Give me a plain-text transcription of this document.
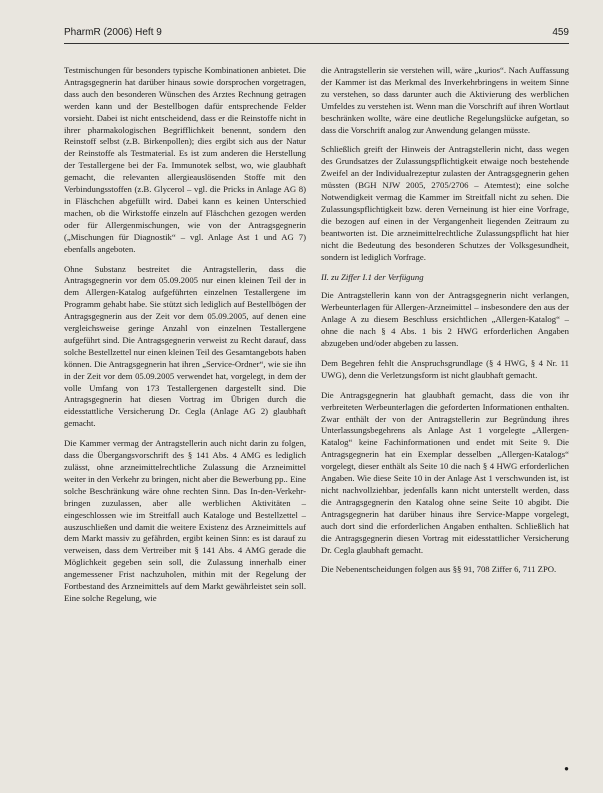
PharmR (2006) Heft 9	459

Testmischungen für besonders typische Kombinationen anbietet. Die Antragsgegnerin hat darüber hinaus sowie dorsprochen vorgetragen, dass auch den besonderen Wünschen des Arztes Rechnung getragen werden kann und der Bestellbogen dafür entsprechende Felder vorsieht. Dabei ist nicht entscheidend, dass er die Reinstoffe nicht in ihrer pharmakologischen Begrifflichkeit benennt, sondern den Reinstoff selbst (z.B. Birkenpollen); dies ergibt sich aus der Natur der Reinstoffe als Testmaterial. Es ist zum anderen die Herstellung der Testallergene bei der Fa. Immunotek selbst, wo, wie glaubhaft gemacht, die relevanten allergieauslösenden Stoffe mit den Verbindungsstoffen (z.B. Glycerol – vgl. die Pricks in Anlage AG 8) in Fläschchen abgefüllt wird. Dabei kann es keinen Unterschied machen, ob die Wirkstoffe einzeln auf Fläschchen gezogen werden oder für Allergenmischungen, wie von der Antragsgegnerin („Mischungen für Diagnostik“ – vgl. Anlage Ast 1 und AG 7) ebenfalls angeboten.

Ohne Substanz bestreitet die Antragstellerin, dass die Antragsgegnerin vor dem 05.09.2005 nur einen kleinen Teil der in dem Allergen-Katalog aufgeführten einzelnen Testallergene im Programm gehabt habe. Sie stützt sich lediglich auf Bestellbögen der Antragsgegnerin aus der Zeit vor dem 05.09.2005, auf denen eine vergleichsweise geringe Anzahl von einzelnen Testallergene aufgeführt sind. Die Antragsgegnerin verweist zu Recht darauf, dass solche Bestellzettel nur einen kleinen Teil des Gesamtangebots haben können. Die Antragsgegnerin hat ihren „Service-Ordner“, wie sie ihn in der Zeit vor dem 05.09.2005 verwendet hat, vorgelegt, in dem der volle Umfang von 173 Testallergenen dargestellt sind. Die Antragsgegnerin hat diesen Vortrag im Übrigen durch die eidesstattliche Versicherung Dr. Cegla (Anlage AG 2) glaubhaft gemacht.

Die Kammer vermag der Antragstellerin auch nicht darin zu folgen, dass die Übergangsvorschrift des § 141 Abs. 4 AMG es lediglich zulässt, ohne arzneimittelrechtliche Zulassung die Arzneimittel weiter in den Verkehr zu bringen, nicht aber die Bewerbung pp.. Eine solche Beschränkung wäre ohne rechten Sinn. Das In-den-Verkehr-bringen zuzulassen, aber alle werblichen Aktivitäten – eingeschlossen wie im Streitfall auch Kataloge und Bestellzettel – auszuschließen und damit die weitere Existenz des Arzneimittels auf dem Markt massiv zu gefährden, ergibt keinen Sinn: es ist darauf zu verweisen, dass dem Vertreiber mit § 141 Abs. 4 AMG gerade die Möglichkeit gegeben sein soll, die Zulassung innerhalb einer angemessener Frist nachzuholen, mithin mit der Regelung der Fortbestand des Arzneimittels auf dem Markt gewährleistet sein soll. Eine solche Regelung, wie

die Antragstellerin sie verstehen will, wäre „kurios“. Nach Auffassung der Kammer ist das Merkmal des Inverkehrbringens in weitem Sinne zu verstehen, so dass darunter auch die Aktivierung des werblichen Umfeldes zu verstehen ist. Wenn man die Vorschrift auf ihren Wortlaut beschränken wollte, wäre eine deutliche Regelungslücke aufgetan, so dass die Vorschrift analog zur Anwendung gelangen müsste.

Schließlich greift der Hinweis der Antragstellerin nicht, dass wegen des Grundsatzes der Zulassungspflichtigkeit etwaige noch bestehende Zweifel an der Individualrezeptur zulasten der Antragsgegnerin gehen müssten (BGH NJW 2005, 2705/2706 – Atemtest); eine solche Notwendigkeit vermag die Kammer im Streitfall nicht zu sehen. Die Zulassungspflichtigkeit bzw. deren Verneinung ist hier eine Vorfrage, die bezogen auf einen in der Vergangenheit liegenden Zeitraum zu beantworten ist. Die arzneimittelrechtliche Zulassungspflicht hat hier nicht die Bedeutung des besonderen Schutzes der Volksgesundheit, sondern ist lediglich Vorfrage.

II. zu Ziffer I.1 der Verfügung

Die Antragstellerin kann von der Antragsgegnerin nicht verlangen, Werbeunterlagen für Allergen-Arzneimittel – insbesondere den aus der Anlage A zu diesem Beschluss ersichtlichen „Allergen-Katalog“ – ohne die nach § 4 Abs. 1 bis 2 HWG erforderlichen Angaben abzugeben und/oder abgeben zu lassen.

Dem Begehren fehlt die Anspruchsgrundlage (§ 4 HWG, § 4 Nr. 11 UWG), denn die Verletzungsform ist nicht glaubhaft gemacht.

Die Antragsgegnerin hat glaubhaft gemacht, dass die von ihr verbreiteten Werbeunterlagen die geforderten Informationen enthalten. Zwar enthält der von der Antragstellerin zur Begründung ihres Unterlassungsbegehrens als Anlage Ast 1 vorgelegte „Allergen-Katalog“ keine Fachinformationen und endet mit Seite 9. Die Antragsgegnerin hat ein Exemplar desselben „Allergen-Katalogs“ vorgelegt, dieser enthält als Seite 10 die nach § 4 HWG erforderlichen Angaben. Wie diese Seite 10 in der Anlage Ast 1 verschwunden ist, ist nicht nachvollziehbar, jedenfalls kann nicht unterstellt werden, dass die Antragsgegnerin den Katalog ohne seine Seite 10 abgibt. Die Antragsgegnerin hat darüber hinaus ihre Service-Mappe vorgelegt, auch dort sind die erforderlichen Angaben enthalten. Schließlich hat die Antragsgegnerin diesen Vortrag mit eidesstattlicher Versicherung Dr. Cegla glaubhaft gemacht.

Die Nebenentscheidungen folgen aus §§ 91, 708 Ziffer 6, 711 ZPO.

●
